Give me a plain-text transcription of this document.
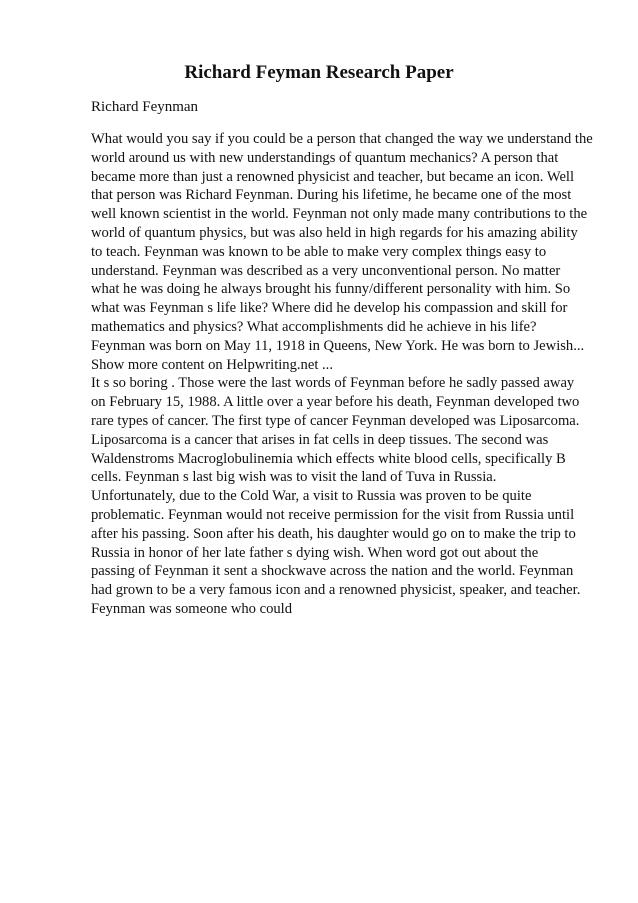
Richard Feyman Research Paper
Richard Feynman
What would you say if you could be a person that changed the way we understand the
world around us with new understandings of quantum mechanics? A person that
became more than just a renowned physicist and teacher, but became an icon. Well
that person was Richard Feynman. During his lifetime, he became one of the most
well known scientist in the world. Feynman not only made many contributions to the
world of quantum physics, but was also held in high regards for his amazing ability
to teach. Feynman was known to be able to make very complex things easy to
understand. Feynman was described as a very unconventional person. No matter
what he was doing he always brought his funny/different personality with him. So
what was Feynman s life like? Where did he develop his compassion and skill for
mathematics and physics? What accomplishments did he achieve in his life?
Feynman was born on May 11, 1918 in Queens, New York. He was born to Jewish...
Show more content on Helpwriting.net ...
It s so boring . Those were the last words of Feynman before he sadly passed away
on February 15, 1988. A little over a year before his death, Feynman developed two
rare types of cancer. The first type of cancer Feynman developed was Liposarcoma.
Liposarcoma is a cancer that arises in fat cells in deep tissues. The second was
Waldenstroms Macroglobulinemia which effects white blood cells, specifically B
cells. Feynman s last big wish was to visit the land of Tuva in Russia.
Unfortunately, due to the Cold War, a visit to Russia was proven to be quite
problematic. Feynman would not receive permission for the visit from Russia until
after his passing. Soon after his death, his daughter would go on to make the trip to
Russia in honor of her late father s dying wish. When word got out about the
passing of Feynman it sent a shockwave across the nation and the world. Feynman
had grown to be a very famous icon and a renowned physicist, speaker, and teacher.
Feynman was someone who could
